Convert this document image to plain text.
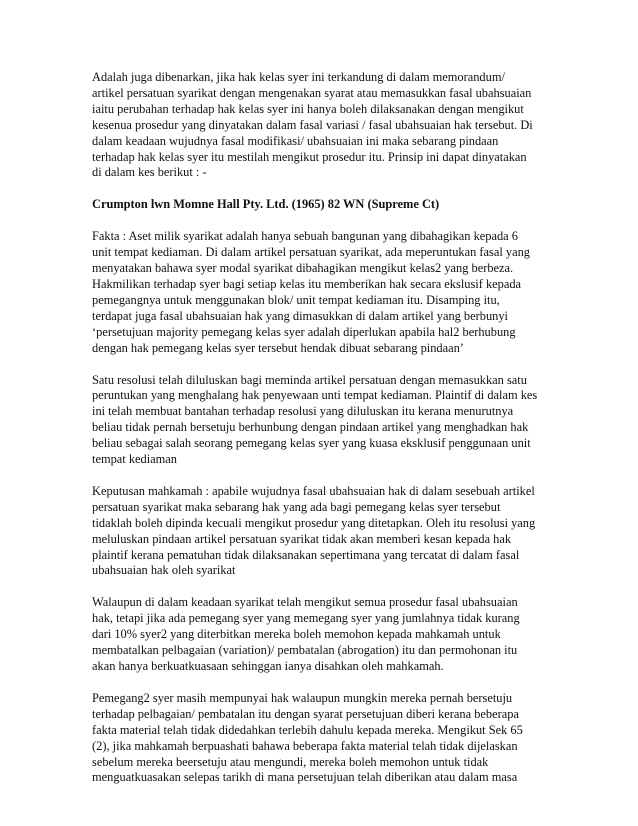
Adalah juga dibenarkan, jika hak kelas syer ini terkandung di dalam memorandum/
artikel persatuan syarikat dengan mengenakan syarat atau memasukkan fasal ubahsuaian
iaitu perubahan terhadap hak kelas syer ini hanya boleh dilaksanakan dengan mengikut
kesenua prosedur yang dinyatakan dalam fasal variasi / fasal ubahsuaian hak tersebut. Di
dalam keadaan wujudnya fasal modifikasi/ ubahsuaian ini maka sebarang pindaan
terhadap hak kelas syer itu mestilah mengikut prosedur itu. Prinsip ini dapat dinyatakan
di dalam kes berikut : -
Crumpton lwn Momne Hall Pty. Ltd. (1965) 82 WN (Supreme Ct)
Fakta : Aset milik syarikat adalah hanya sebuah bangunan yang dibahagikan kepada 6
unit tempat kediaman. Di dalam artikel persatuan syarikat, ada meperuntukan fasal yang
menyatakan bahawa syer modal syarikat dibahagikan mengikut kelas2 yang berbeza.
Hakmilikan terhadap syer bagi setiap kelas itu memberikan hak secara ekslusif kepada
pemegangnya untuk menggunakan blok/ unit tempat kediaman itu. Disamping itu,
terdapat juga fasal ubahsuaian hak yang dimasukkan di dalam artikel yang berbunyi
‘persetujuan majority pemegang kelas syer adalah diperlukan apabila hal2 berhubung
dengan hak pemegang kelas syer tersebut hendak dibuat sebarang pindaan’
Satu resolusi telah diluluskan bagi meminda artikel persatuan dengan memasukkan satu
peruntukan yang menghalang hak penyewaan unti tempat kediaman. Plaintif di dalam kes
ini telah membuat bantahan terhadap resolusi yang diluluskan itu kerana menurutnya
beliau tidak pernah bersetuju berhunbung dengan pindaan artikel yang menghadkan hak
beliau sebagai salah seorang pemegang kelas syer yang kuasa eksklusif penggunaan unit
tempat kediaman
Keputusan mahkamah : apabile wujudnya fasal ubahsuaian hak di dalam sesebuah artikel
persatuan syarikat maka sebarang hak yang ada bagi pemegang kelas syer tersebut
tidaklah boleh dipinda kecuali mengikut prosedur yang ditetapkan. Oleh itu resolusi yang
meluluskan pindaan artikel persatuan syarikat tidak akan memberi kesan kepada hak
plaintif kerana pematuhan tidak dilaksanakan sepertimana yang tercatat di dalam fasal
ubahsuaian hak oleh syarikat
Walaupun di dalam keadaan syarikat telah mengikut semua prosedur fasal ubahsuaian
hak, tetapi jika ada pemegang syer yang memegang syer yang jumlahnya tidak kurang
dari 10% syer2 yang diterbitkan mereka boleh memohon kepada mahkamah untuk
membatalkan pelbagaian (variation)/ pembatalan (abrogation) itu dan permohonan itu
akan hanya berkuatkuasaan sehinggan ianya disahkan oleh mahkamah.
Pemegang2 syer masih mempunyai hak walaupun mungkin mereka pernah bersetuju
terhadap pelbagaian/ pembatalan itu dengan syarat persetujuan diberi kerana beberapa
fakta material telah tidak didedahkan terlebih dahulu kepada mereka. Mengikut Sek 65
(2), jika mahkamah berpuashati bahawa beberapa fakta material telah tidak dijelaskan
sebelum mereka beersetuju atau mengundi, mereka boleh memohon untuk tidak
menguatkuasakan selepas tarikh di mana persetujuan telah diberikan atau dalam masa
